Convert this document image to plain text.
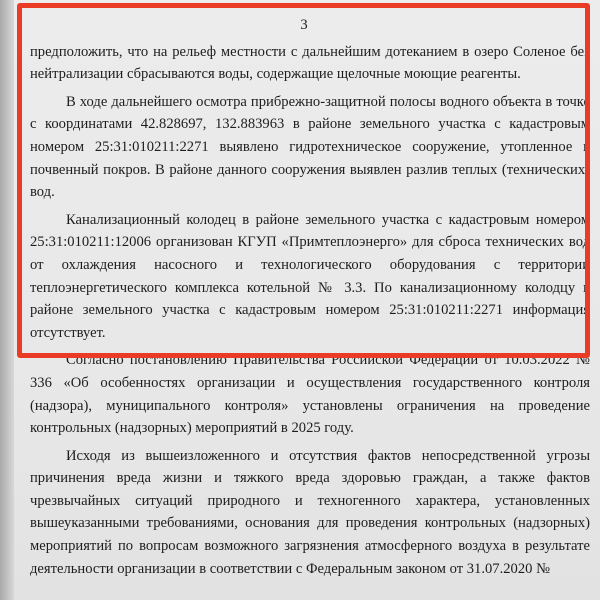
3

предположить, что на рельеф местности с дальнейшим дотеканием в озеро Соленое без нейтрализации сбрасываются воды, содержащие щелочные моющие реагенты.

В ходе дальнейшего осмотра прибрежно-защитной полосы водного объекта в точке с координатами 42.828697, 132.883963 в районе земельного участка с кадастровым номером 25:31:010211:2271 выявлено гидротехническое сооружение, утопленное в почвенный покров. В районе данного сооружения выявлен разлив теплых (технических) вод.

Канализационный колодец в районе земельного участка с кадастровым номером 25:31:010211:12006 организован КГУП «Примтеплоэнерго» для сброса технических вод от охлаждения насосного и технологического оборудования с территории теплоэнергетического комплекса котельной № 3.3. По канализационному колодцу в районе земельного участка с кадастровым номером 25:31:010211:2271 информация отсутствует.

Согласно постановлению Правительства Российской Федерации от 10.03.2022 № 336 «Об особенностях организации и осуществления государственного контроля (надзора), муниципального контроля» установлены ограничения на проведение контрольных (надзорных) мероприятий в 2025 году.

Исходя из вышеизложенного и отсутствия фактов непосредственной угрозы причинения вреда жизни и тяжкого вреда здоровью граждан, а также фактов чрезвычайных ситуаций природного и техногенного характера, установленных вышеуказанными требованиями, основания для проведения контрольных (надзорных) мероприятий по вопросам возможного загрязнения атмосферного воздуха в результате деятельности организации в соответствии с Федеральным законом от 31.07.2020 №
